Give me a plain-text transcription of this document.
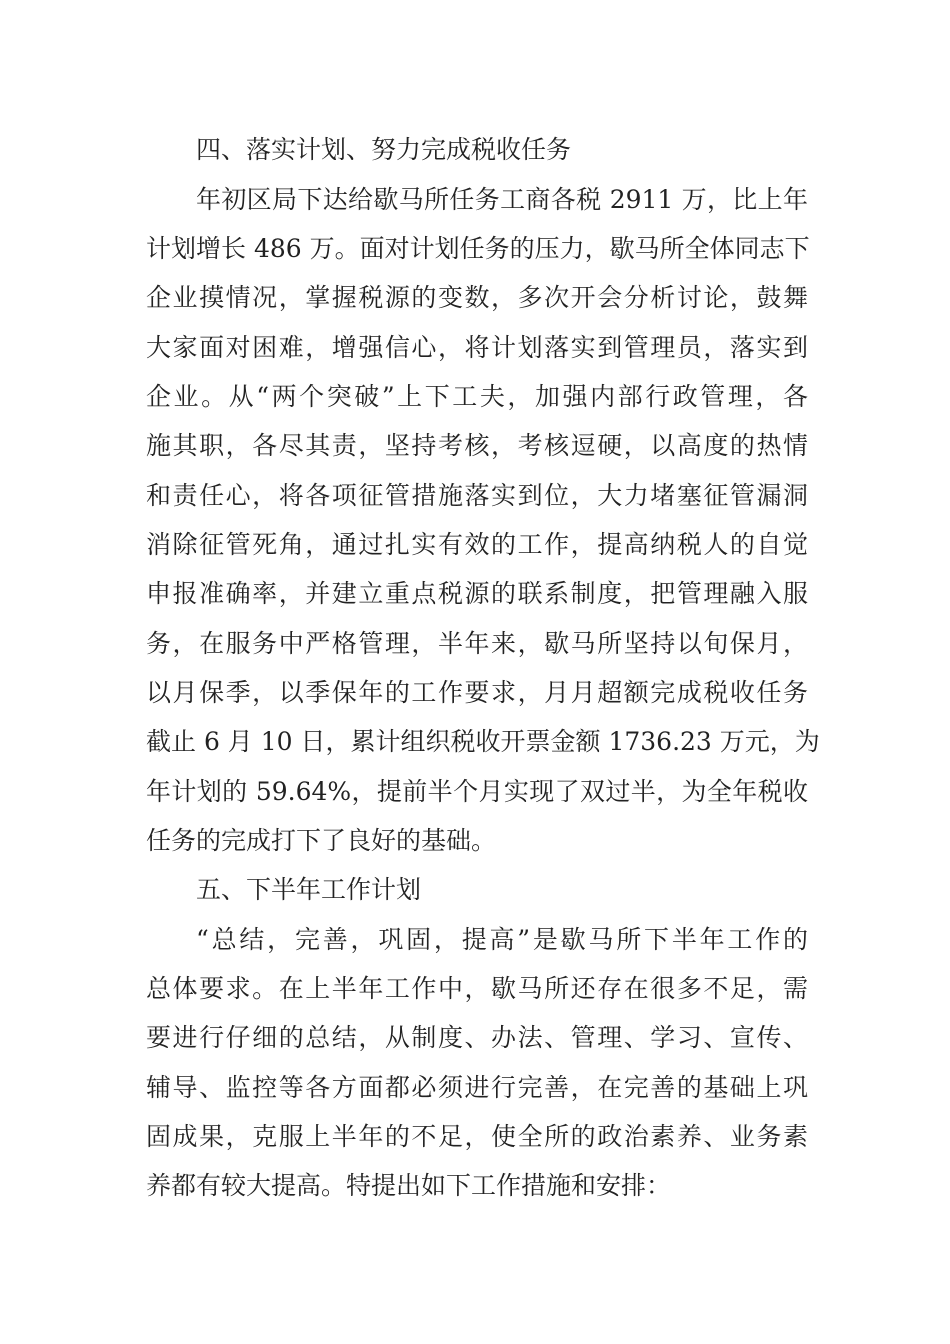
四、落实计划、努力完成税收任务
年初区局下达给歇马所任务工商各税 2911 万，比上年
计划增长 486 万。面对计划任务的压力，歇马所全体同志下
企业摸情况，掌握税源的变数，多次开会分析讨论，鼓舞
大家面对困难，增强信心，将计划落实到管理员，落实到
企业。从“两个突破”上下工夫，加强内部行政管理，各
施其职，各尽其责，坚持考核，考核逗硬，以高度的热情
和责任心，将各项征管措施落实到位，大力堵塞征管漏洞
消除征管死角，通过扎实有效的工作，提高纳税人的自觉
申报准确率，并建立重点税源的联系制度，把管理融入服
务，在服务中严格管理，半年来，歇马所坚持以旬保月，
以月保季，以季保年的工作要求，月月超额完成税收任务
截止 6 月 10 日，累计组织税收开票金额 1736.23 万元，为
年计划的 59.64%，提前半个月实现了双过半，为全年税收
任务的完成打下了良好的基础。
五、下半年工作计划
“总结，完善，巩固，提高”是歇马所下半年工作的
总体要求。在上半年工作中，歇马所还存在很多不足，需
要进行仔细的总结，从制度、办法、管理、学习、宣传、
辅导、监控等各方面都必须进行完善，在完善的基础上巩
固成果，克服上半年的不足，使全所的政治素养、业务素
养都有较大提高。特提出如下工作措施和安排：
